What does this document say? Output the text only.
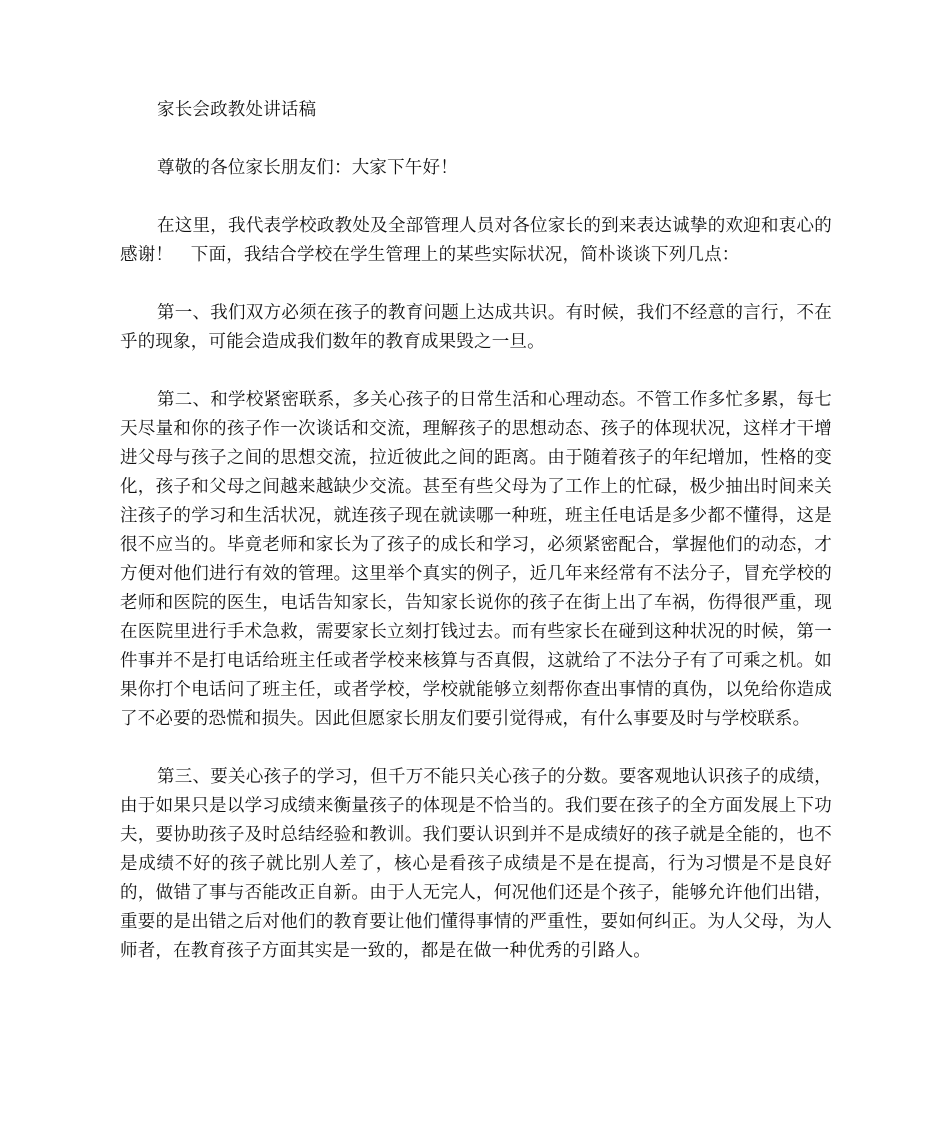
家长会政教处讲话稿

尊敬的各位家长朋友们：大家下午好！

在这里，我代表学校政教处及全部管理人员对各位家长的到来表达诚挚的欢迎和衷心的感谢！　下面，我结合学校在学生管理上的某些实际状况，简朴谈谈下列几点：

第一、我们双方必须在孩子的教育问题上达成共识。有时候，我们不经意的言行，不在乎的现象，可能会造成我们数年的教育成果毁之一旦。

第二、和学校紧密联系，多关心孩子的日常生活和心理动态。不管工作多忙多累，每七天尽量和你的孩子作一次谈话和交流，理解孩子的思想动态、孩子的体现状况，这样才干增进父母与孩子之间的思想交流，拉近彼此之间的距离。由于随着孩子的年纪增加，性格的变化，孩子和父母之间越来越缺少交流。甚至有些父母为了工作上的忙碌，极少抽出时间来关注孩子的学习和生活状况，就连孩子现在就读哪一种班，班主任电话是多少都不懂得，这是很不应当的。毕竟老师和家长为了孩子的成长和学习，必须紧密配合，掌握他们的动态，才方便对他们进行有效的管理。这里举个真实的例子，近几年来经常有不法分子，冒充学校的老师和医院的医生，电话告知家长，告知家长说你的孩子在街上出了车祸，伤得很严重，现在医院里进行手术急救，需要家长立刻打钱过去。而有些家长在碰到这种状况的时候，第一件事并不是打电话给班主任或者学校来核算与否真假，这就给了不法分子有了可乘之机。如果你打个电话问了班主任，或者学校，学校就能够立刻帮你查出事情的真伪，以免给你造成了不必要的恐慌和损失。因此但愿家长朋友们要引觉得戒，有什么事要及时与学校联系。

第三、要关心孩子的学习，但千万不能只关心孩子的分数。要客观地认识孩子的成绩，由于如果只是以学习成绩来衡量孩子的体现是不恰当的。我们要在孩子的全方面发展上下功夫，要协助孩子及时总结经验和教训。我们要认识到并不是成绩好的孩子就是全能的，也不是成绩不好的孩子就比别人差了，核心是看孩子成绩是不是在提高，行为习惯是不是良好的，做错了事与否能改正自新。由于人无完人，何况他们还是个孩子，能够允许他们出错，重要的是出错之后对他们的教育要让他们懂得事情的严重性，要如何纠正。为人父母，为人师者，在教育孩子方面其实是一致的，都是在做一种优秀的引路人。
